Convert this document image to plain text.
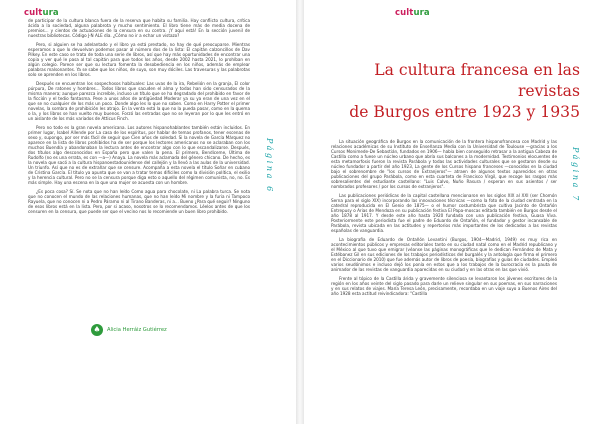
cultura

de participar de la cultura blanca fuera de la reserva que habita su familia. Hay conflicto cultura, crítica ácida a la sociedad, alguna palabrota y mucho sentimiento. El libro tiene más de media docena de premios... y cientos de actuaciones de la censura en su contra. ¡Y aquí está! En la sección juvenil de nuestras bibliotecas. Código J-N ALE día. ¿Cómo no ir a echar un vistazo?

Pero, si alguien se ha adelantado y el libro ya está prestado, no hay de qué preocuparse. Mientras esperamos a que lo devuelvan podemos pasar al número dos de la lista: El capitán calzoncillos de Dav Pilkey. En este caso se trata de toda una serie de libros, así que hay más oportunidades de encontrar una copia y ver qué le pasa al tal capitán para que todos los años, desde 2002 hasta 2021, lo prohíban en algún colegio. Parece ser que su lectura fomenta la desobediencia en los niños, además de emplear palabras malsonantes. Ya se sabe que los niños, de suyo, son muy dóciles. Las travesuras y las palabrotas solo se aprenden en los libros.

Después se encuentran los sospechosos habituales: Las uvas de la ira, Rebelión en la granja, El color púrpura, De ratones y hombres... Todos libros que sacuden el alma y todas han sido censurados de la misma manera; aunque parezca increíble, incluso un título que se ha degradado del prohibido en favor de la ficción y el tedio fantasma. Pese a unos años de antigüedad Moderar ya su ya eran de una vez en el que se no cualquier de los más un poco. Donde algo les lo que no saben. Como en Harry Potter el primer novelas, la sombra de prohibición les atrajo. En la venta está la que no la pueda pasar, como en la quema o la, y los libros se han vuelto muy buenos. Forzó las entradas que no se leyeran por lo que les entró en un aislante de los más variados de Atticus Finch.

Pero no todo es la gran novela americana. Los autores hispanohablantes también están incluidos. En primer lugar, Isabel Allende por La casa de los espíritus, por hablar de temas profanos, tener escenas de sexo y, supongo, por ser más fácil de seguir que Cien años de soledad. Si la novela de García Márquez no aparece en la lista de libros prohibidos ha de ser porque los lectores americanos no se aclaraban con los muchos Buendía y abandonaban la lectura antes de encontrar algo con lo que escandalizarse. Después, dos títulos algo desconocidos en España pero que valen la pena. El primero, Bendíceme, Última de Rudolfo (no es una errata, es con —a—) Anaya. La novela más aclamada del género chicano. De hecho, es la novela que sacó a la cultura hispanoestadounidense del callejón y la llevó a las aulas de la universidad. Un triunfo. Así que no es de extrañar que se censure. Acompaña a esta novela el título Soñar en cubano de Cristina García. El título ya apunta que se van a tratar temas difíciles como la división política, el exilio y la herencia cultural. Pero no se la censura porque diga esto o aquello del régimen comunista, no, no. Es más simple. Hay una escena en la que una mujer se acuesta con un hombre.

¿Es poca cosa? Sí. Se nota que no han leído Como agua para chocolate, ni La palabra turca. Se nota que no conocen el mundo de las relaciones humanas, que no han leído Mi nombre y la furia ni Tampoco Rayuela, que no conocen ni a Pedro Páramo ni al Tirano Banderas, ni a... Bueno ¿Para qué seguir? Ninguno de esos libros está en la lista. Pero, por si acaso, nosotros se lo recomendamos. Léelos antes de que los censuren en la censura, que puede ser que el vecino nos lo recomiende un buen libro prohibido.

Página 6
♠	Alicia Herráiz Gutiérrez
cultura
La cultura francesa en las revistas
de Burgos entre 1923 y 1935

La situación geográfica de Burgos en la comunicación de la frontera hispanofrancesa con Madrid y las relaciones académicas de su Instituto de Enseñanza Media con la Universidad de Toulouse —gracias a los Cursos Monimede-De Sebastián, fundados en 1906— había bien conseguido retrasar a la antigua Cabeza de Castilla como a fuese un núcleo urbano que abría sus balcones a la modernidad. Testimonios elocuentes de esta metamorfosis fueron la revista Parábola y todas las actividades culturales que se gestaron desde su núcleo fundador a partir del año 1923, La gente de los Cursos hispano franceses —conocidos en la ciudad bajo el sobrenombre de "los cursos de Extranjeros"— atraen de algunos textos aparecidos en otras publicaciones del grupo Parábola, como en esta cuarteta de Francisco Virgil, que recoge los rasgos más sobresalientes del estudiante castellano: "Luis Calvo, Nuño Rasura / esperan en sus asientos / ser nombrados profesores / por los cursos de extranjeros".

Las publicaciones periódicas de la capital castellana mencionaron en los siglos XIX al XXI (ser Chomón Serna para el siglo XIX) incorporando las innovaciones técnicas —como la foto de la ciudad centrada en la catedral reproducida en El Genio de 1875— o el humor costumbrista que cultiva Jacinto de Ontañón Entrepusy o Arias de Mendoza en su publicación festiva El Papa-moscas editada también en Burgos desde el año 1878 al 1917. Y desde este año hasta 1920 fundada con una publicación festiva, Guasa Viva. Posteriormente este periodista fue el padre de Eduardo de Ontañón, el fundador y gestor incansable de Parábola, revista ubicada en las actitudes y repertorios más importantes de los dedicados a las revistas españolas de vanguardia.

La biografía de Eduardo de Ontañón Levantini (Burgos, 1904—Madrid, 1949) es muy rica en acontecimientos públicos y empresas editoriales tanto en su ciudad natal como en el Madrid republicano y el México al que tuvo que emigrar (véanse las páginas monográficas que le dedican Fernández de Mata y Estébanez Gil en sus ediciones de los trabajos periodísticos del burgalés y la antología que firma el primero en el Diccionario de 2010) que fue además autor de libros de poesía, biografías y guías de ciudades. Empleó varios seudónimos e incluso dejó los ponía en estos que a los trabajos de la burocracia es la pauta de animador de las revistas de vanguardia aparecidas en su ciudad y en las otras en las que vivió.

Frente al tópico de la Castilla árida y gravemente silenciosa se levantaron los jóvenes escritores de la región en los años veinte del siglo pasado para darle un relieve singular en sus poemas, en sus narraciones y en sus relatos de viajes. María Teresa León, precisamente, recordaba en un viaje suyo a Buenos Aires del año 1928 esta actitud reivindicadora: "Castilla

Página 7
